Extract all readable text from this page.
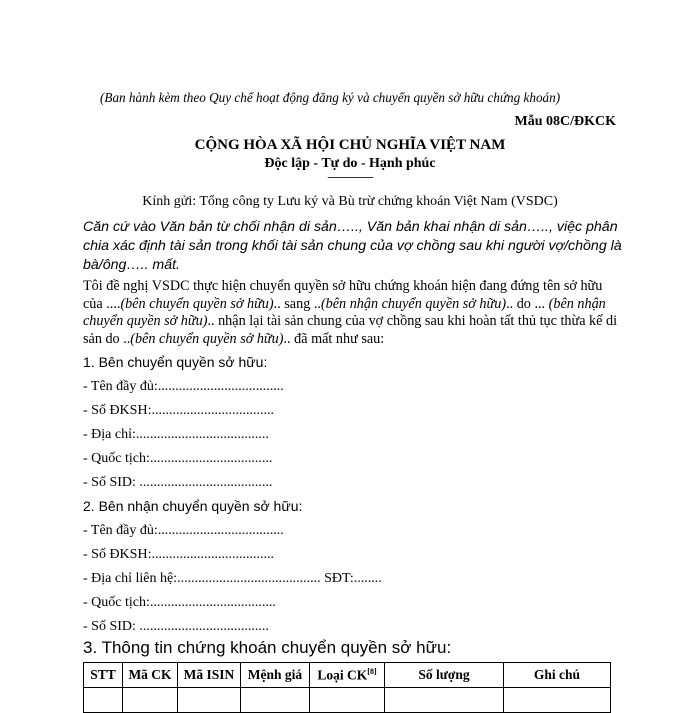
(Ban hành kèm theo Quy chế hoạt động đăng ký và chuyển quyền sở hữu chứng khoán)
Mẫu 08C/ĐKCK
CỘNG HÒA XÃ HỘI CHỦ NGHĨA VIỆT NAM
Độc lập - Tự do - Hạnh phúc
-----------------
Kính gửi: Tổng công ty Lưu ký và Bù trừ chứng khoán Việt Nam (VSDC)
Căn cứ vào Văn bản từ chối nhận di sản….., Văn bản khai nhận di sản….., việc phân chia xác định tài sản trong khối tài sản chung của vợ chồng sau khi người vợ/chồng là bà/ông….. mất.
Tôi đề nghị VSDC thực hiện chuyển quyền sở hữu chứng khoán hiện đang đứng tên sở hữu của ....(bên chuyển quyền sở hữu).. sang ..(bên nhận chuyển quyền sở hữu).. do ... (bên nhận chuyển quyền sở hữu).. nhận lại tài sản chung của vợ chồng sau khi hoàn tất thủ tục thừa kế di sản do ..(bên chuyển quyền sở hữu).. đã mất như sau:
1. Bên chuyển quyền sở hữu:
- Tên đầy đủ:....................................
- Số ĐKSH:...................................
- Địa chỉ:......................................
- Quốc tịch:...................................
- Số SID: ......................................
2. Bên nhận chuyển quyền sở hữu:
- Tên đầy đủ:....................................
- Số ĐKSH:...................................
- Địa chỉ liên hệ:......................................... SĐT:........
- Quốc tịch:....................................
- Số SID: .....................................
3. Thông tin chứng khoán chuyển quyền sở hữu:
STT	Mã CK	Mã ISIN	Mệnh giá	Loại CK[8]	Số lượng	Ghi chú
